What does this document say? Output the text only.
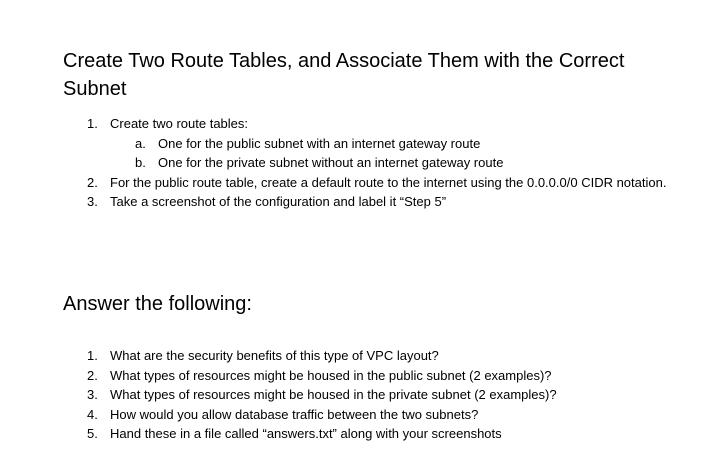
Create Two Route Tables, and Associate Them with the Correct Subnet
1. Create two route tables:
a. One for the public subnet with an internet gateway route
b. One for the private subnet without an internet gateway route
2. For the public route table, create a default route to the internet using the 0.0.0.0/0 CIDR notation.
3. Take a screenshot of the configuration and label it “Step 5”
Answer the following:
1. What are the security benefits of this type of VPC layout?
2. What types of resources might be housed in the public subnet (2 examples)?
3. What types of resources might be housed in the private subnet (2 examples)?
4. How would you allow database traffic between the two subnets?
5. Hand these in a file called “answers.txt” along with your screenshots
